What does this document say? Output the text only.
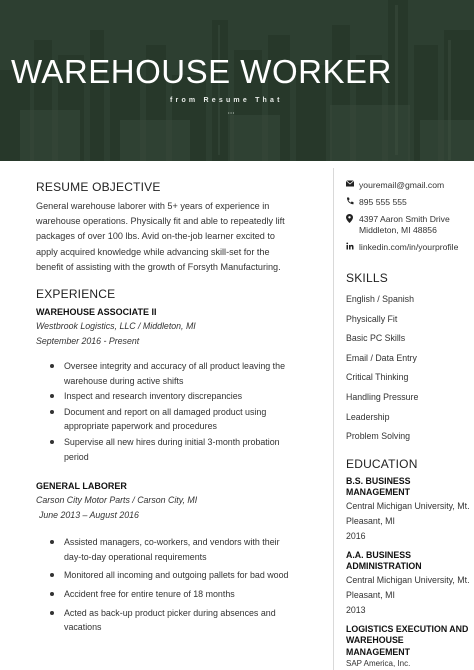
WAREHOUSE WORKER
from Resume That
•••
RESUME OBJECTIVE
General warehouse laborer with 5+ years of experience in warehouse operations. Physically fit and able to repeatedly lift packages of over 100 lbs. Avid on-the-job learner excited to apply acquired knowledge while advancing skill-set for the benefit of assisting with the growth of Forsyth Manufacturing.
EXPERIENCE
WAREHOUSE ASSOCIATE II
Westbrook Logistics, LLC / Middleton, MI
September 2016 - Present
Oversee integrity and accuracy of all product leaving the warehouse during active shifts
Inspect and research inventory discrepancies
Document and report on all damaged product using appropriate paperwork and procedures
Supervise all new hires during initial 3-month probation period
GENERAL LABORER
Carson City Motor Parts / Carson City, MI
June 2013 – August 2016
Assisted managers, co-workers, and vendors with their day-to-day operational requirements
Monitored all incoming and outgoing pallets for bad wood
Accident free for entire tenure of 18 months
Acted as back-up product picker during absences and vacations
youremail@gmail.com
895 555 555
4397 Aaron Smith Drive
Middleton, MI 48856
linkedin.com/in/yourprofile
SKILLS
English / Spanish
Physically Fit
Basic PC Skills
Email / Data Entry
Critical Thinking
Handling Pressure
Leadership
Problem Solving
EDUCATION
B.S. BUSINESS MANAGEMENT
Central Michigan University, Mt. Pleasant, MI
2016
A.A. BUSINESS ADMINISTRATION
Central Michigan University, Mt. Pleasant, MI
2013
LOGISTICS EXECUTION AND WAREHOUSE MANAGEMENT
SAP America, Inc.
